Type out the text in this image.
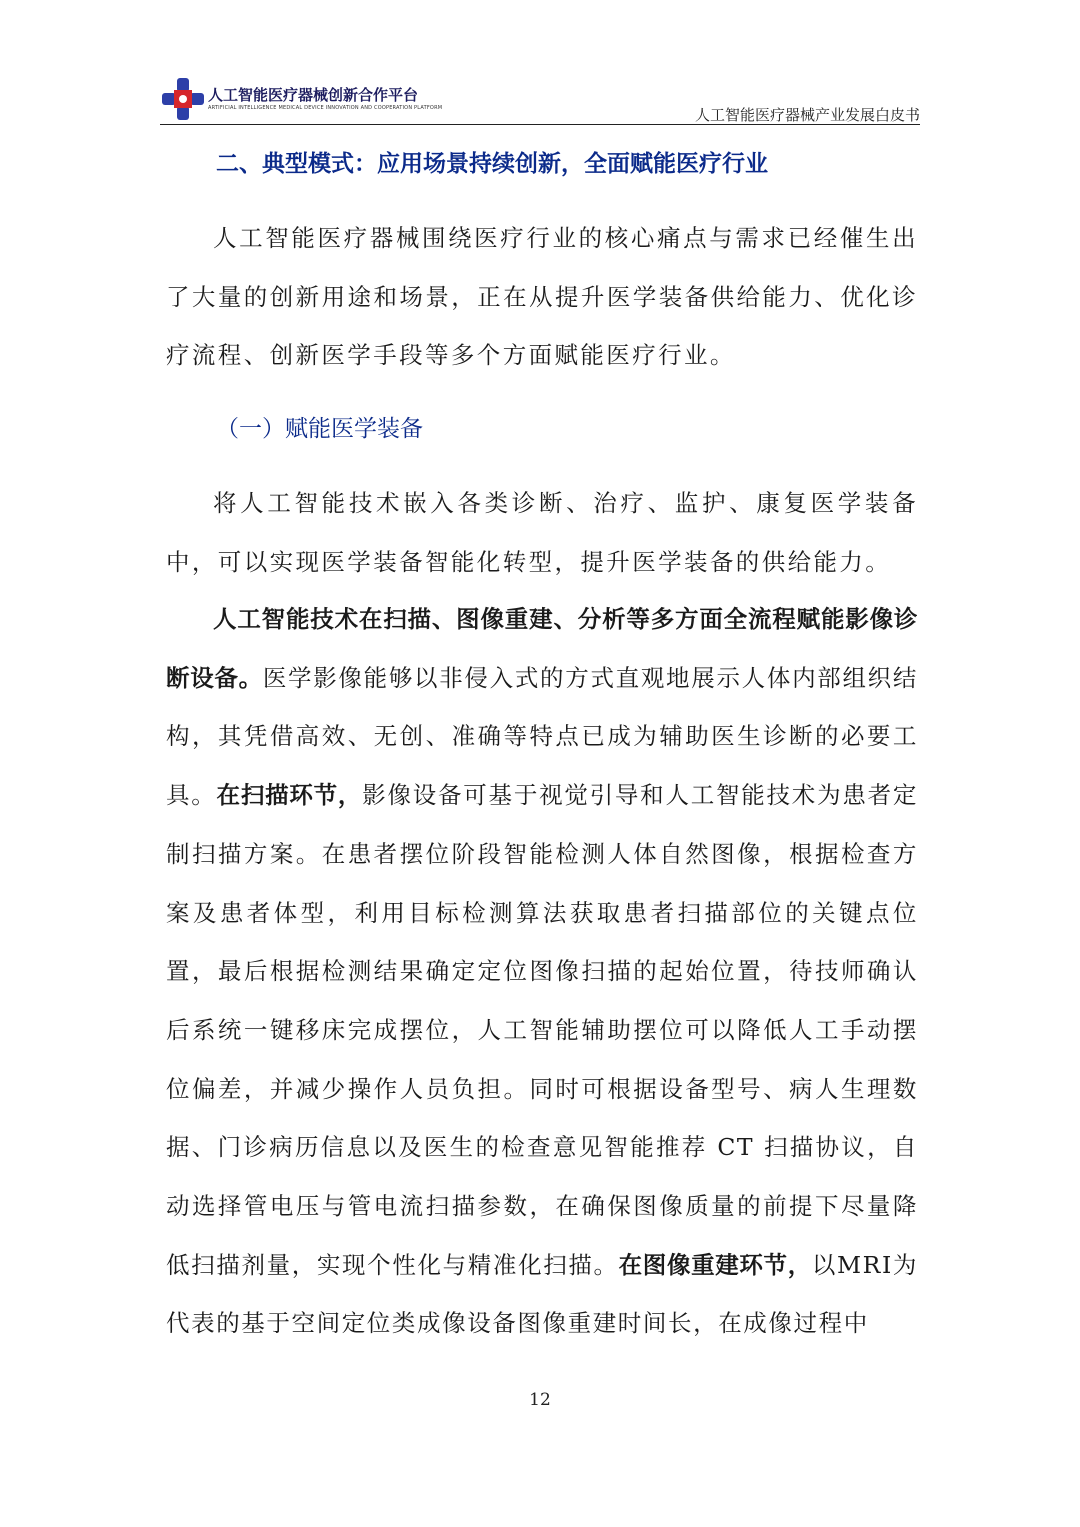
人工智能医疗器械创新合作平台
ARTIFICIAL INTELLIGENCE MEDICAL DEVICE INNOVATION AND COOPERATION PLATFORM	人工智能医疗器械产业发展白皮书
二、典型模式：应用场景持续创新，全面赋能医疗行业

人工智能医疗器械围绕医疗行业的核心痛点与需求已经催生出了大量的创新用途和场景，正在从提升医学装备供给能力、优化诊疗流程、创新医学手段等多个方面赋能医疗行业。

（一）赋能医学装备

将人工智能技术嵌入各类诊断、治疗、监护、康复医学装备中，可以实现医学装备智能化转型，提升医学装备的供给能力。

人工智能技术在扫描、图像重建、分析等多方面全流程赋能影像诊断设备。医学影像能够以非侵入式的方式直观地展示人体内部组织结构，其凭借高效、无创、准确等特点已成为辅助医生诊断的必要工具。在扫描环节，影像设备可基于视觉引导和人工智能技术为患者定制扫描方案。在患者摆位阶段智能检测人体自然图像，根据检查方案及患者体型，利用目标检测算法获取患者扫描部位的关键点位置，最后根据检测结果确定定位图像扫描的起始位置，待技师确认后系统一键移床完成摆位，人工智能辅助摆位可以降低人工手动摆位偏差，并减少操作人员负担。同时可根据设备型号、病人生理数据、门诊病历信息以及医生的检查意见智能推荐 CT 扫描协议，自动选择管电压与管电流扫描参数，在确保图像质量的前提下尽量降低扫描剂量，实现个性化与精准化扫描。在图像重建环节，以MRI为代表的基于空间定位类成像设备图像重建时间长，在成像过程中

12
